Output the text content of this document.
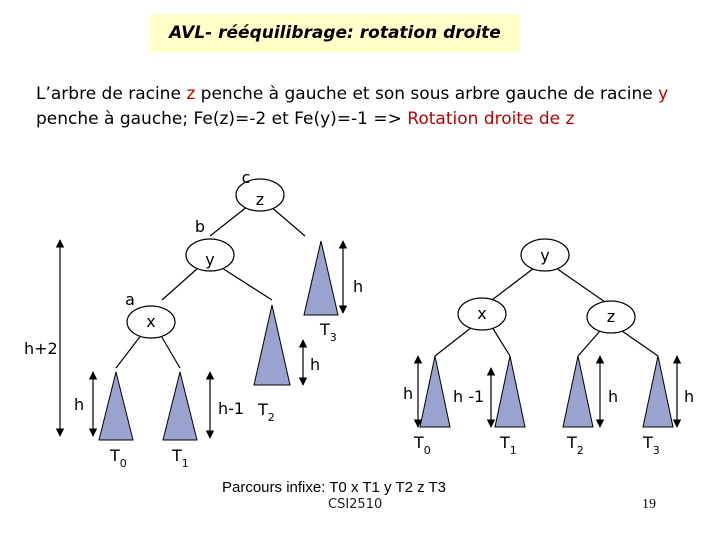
AVL- rééquilibrage: rotation droite
L’arbre de racine z penche à gauche et son sous arbre gauche de racine y penche à gauche; Fe(z)=-2 et Fe(y)=-1 => Rotation droite de z
z
y
x
c
b
a
h+2
h
h
h
h-1
$T_3$
$T_2$
$T_0$	$T_1$
y
x	z
h h -1	h	h
$T_0$	$T_1$	$T_2$	$T_3$
Parcours infixe: T0 x T1 y T2 z T3
CSI2510	19
